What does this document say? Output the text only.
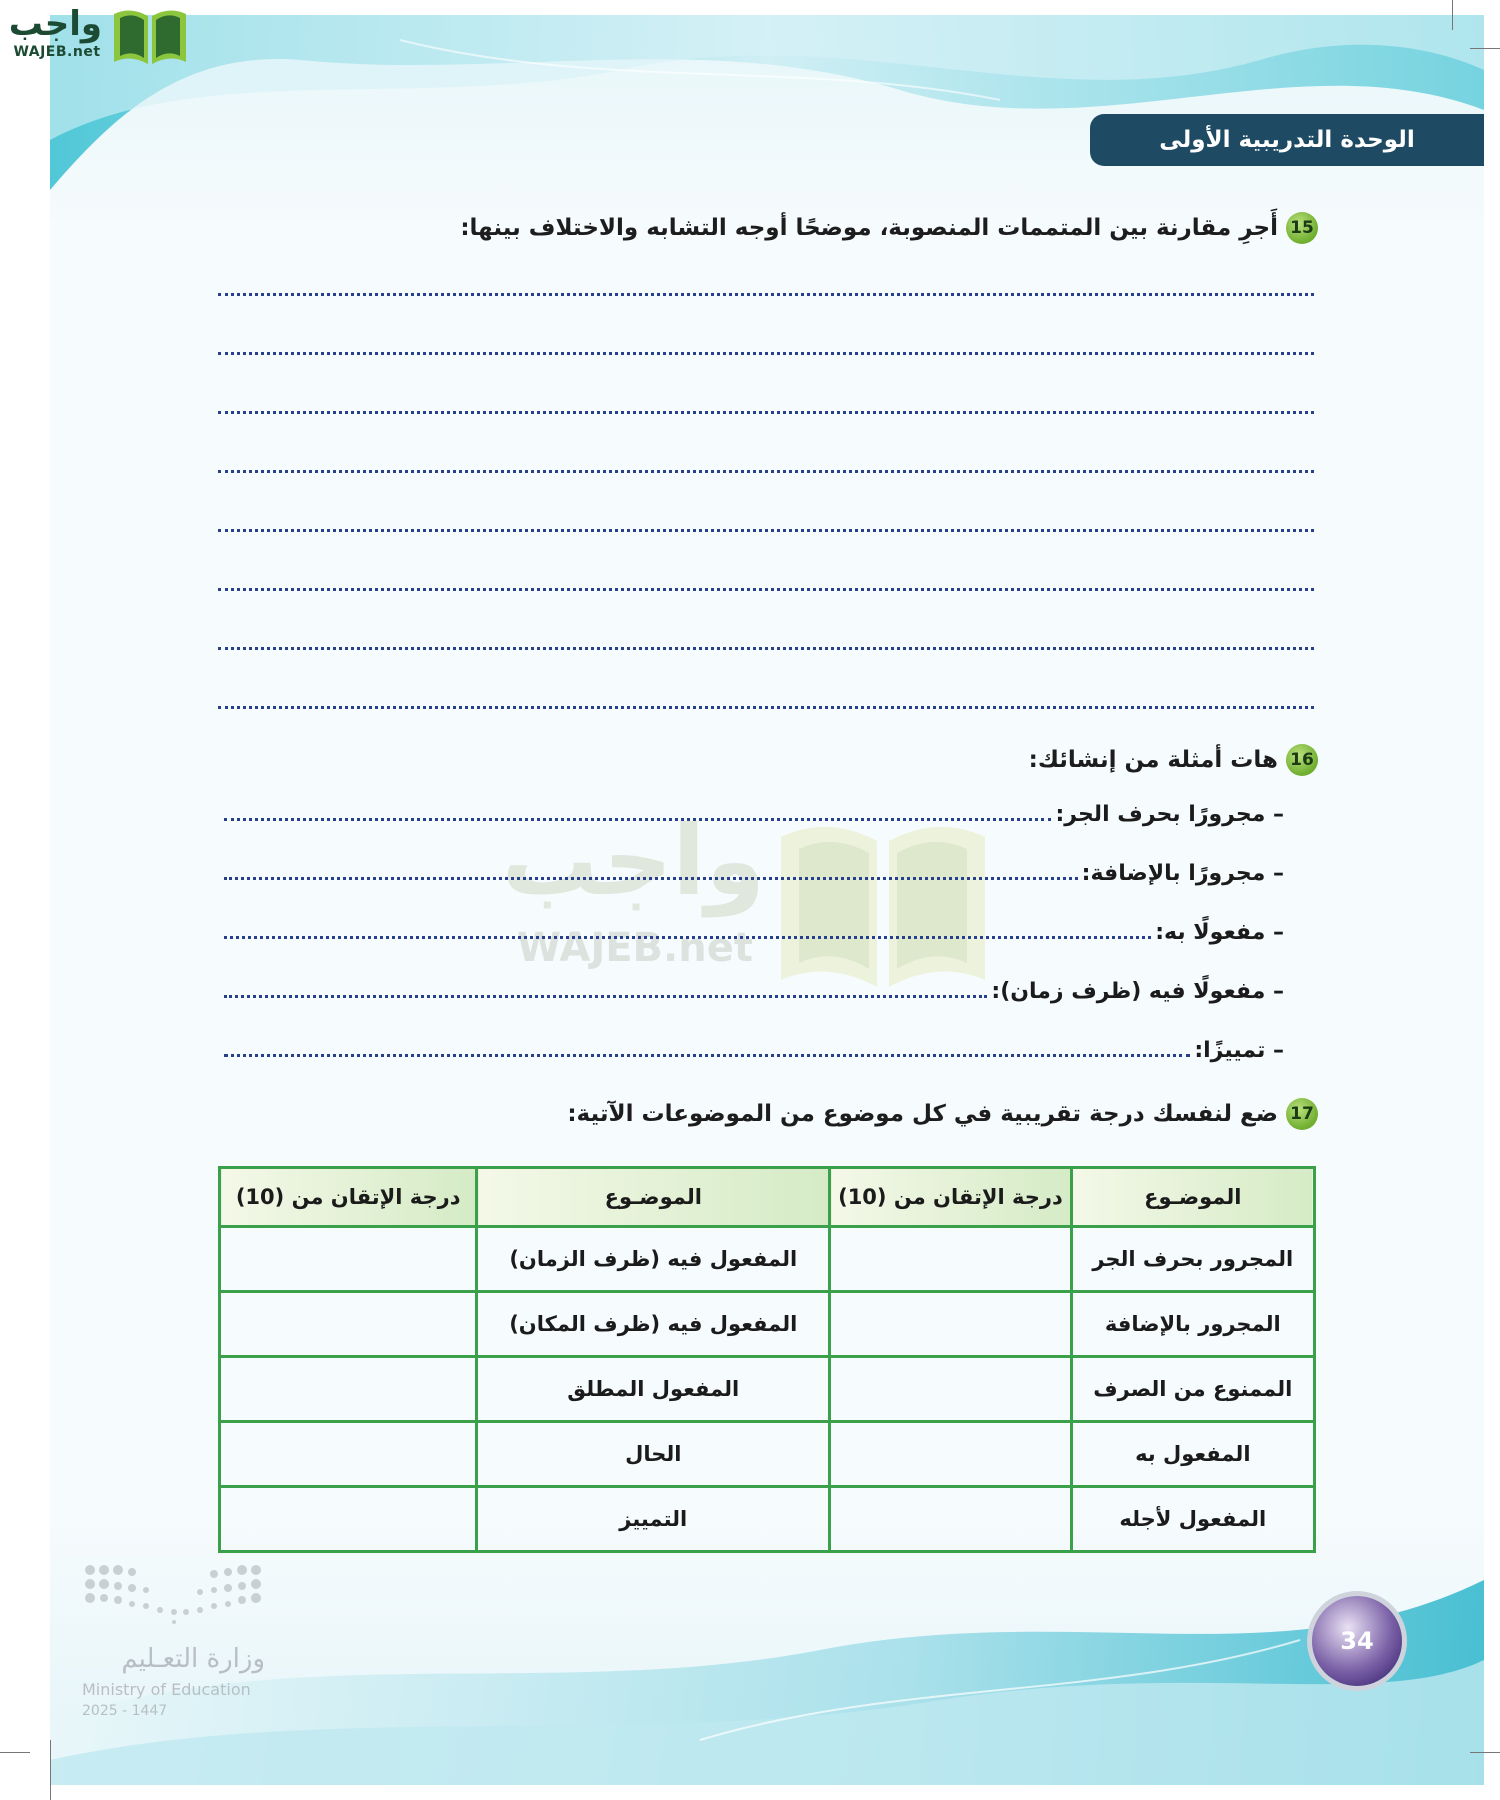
واجب
WAJEB.net
الوحدة التدريبية الأولى
15
أَجرِ مقارنة بين المتممات المنصوبة، موضحًا أوجه التشابه والاختلاف بينها:
واجب
WAJEB.net
16
هات أمثلة من إنشائك:
– مجرورًا بحرف الجر:
– مجرورًا بالإضافة:
– مفعولًا به:
– مفعولًا فيه (ظرف زمان):
– تمييزًا:
17
ضع لنفسك درجة تقريبية في كل موضوع من الموضوعات الآتية:
الموضـوع	درجة الإتقان من (10)	الموضـوع	درجة الإتقان من (10)
المجرور بحرف الجر		المفعول فيه (ظرف الزمان)	
المجرور بالإضافة		المفعول فيه (ظرف المكان)	
الممنوع من الصرف		المفعول المطلق	
المفعول به		الحال	
المفعول لأجله		التمييز	
وزارة التعـليم
Ministry of Education
2025 - 1447
34
